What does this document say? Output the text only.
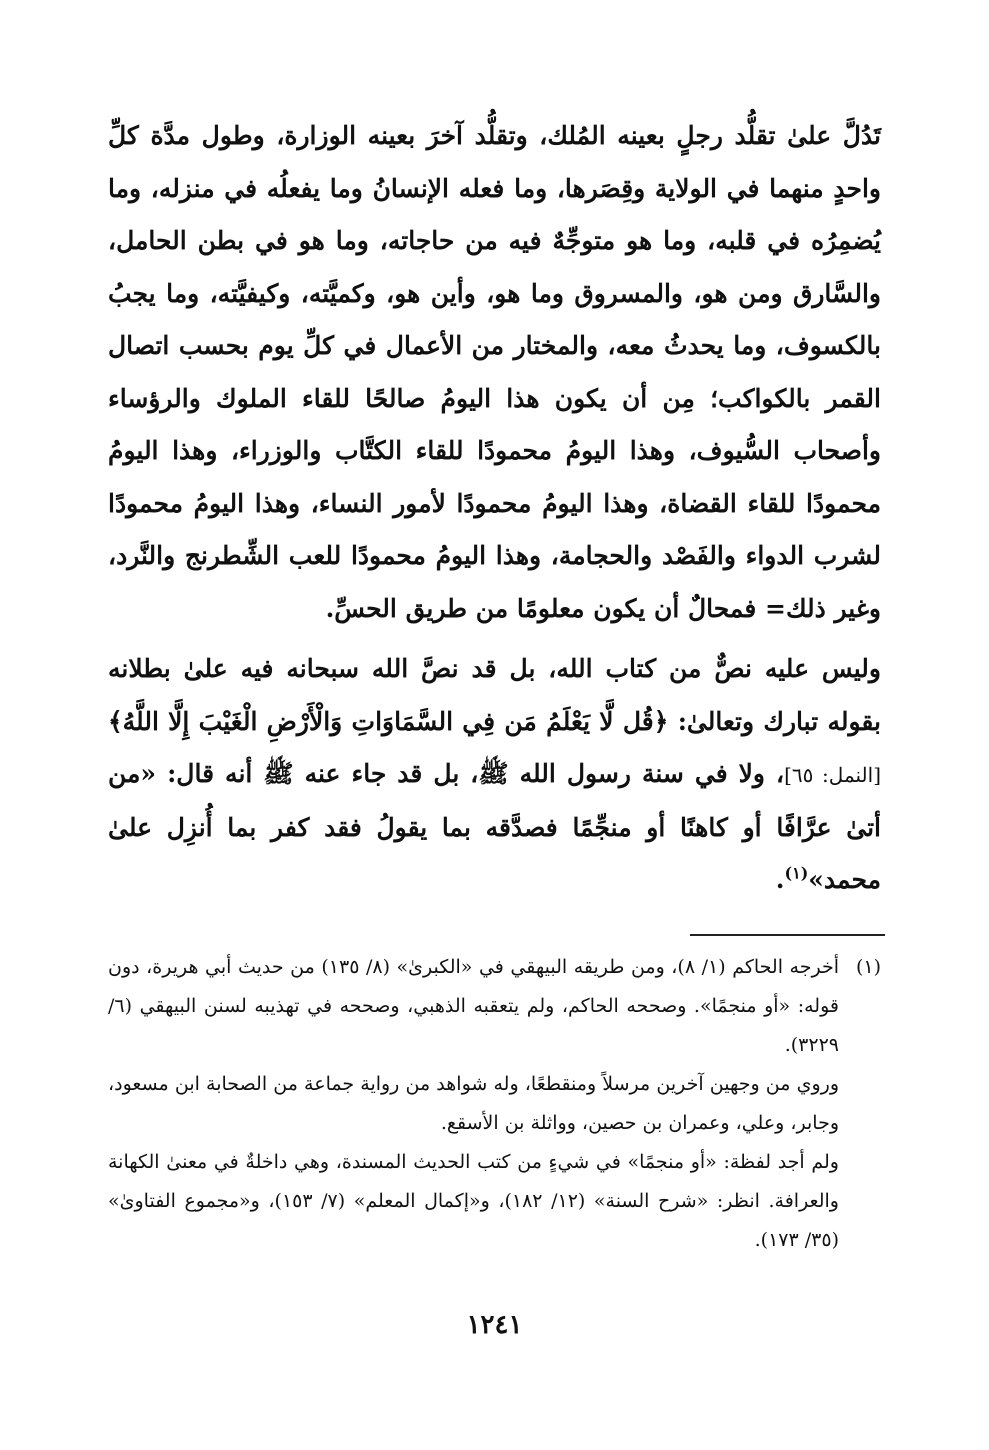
تَدُلَّ علىٰ تقلُّد رجلٍ بعينه المُلك، وتقلُّد آخرَ بعينه الوزارة، وطول مدَّة كلِّ واحدٍ منهما في الولاية وقِصَرها، وما فعله الإنسانُ وما يفعلُه في منزله، وما يُضمِرُه في قلبه، وما هو متوجِّهٌ فيه من حاجاته، وما هو في بطن الحامل، والسَّارق ومن هو، والمسروق وما هو، وأين هو، وكميَّته، وكيفيَّته، وما يجبُ بالكسوف، وما يحدثُ معه، والمختار من الأعمال في كلِّ يوم بحسب اتصال القمر بالكواكب؛ مِن أن يكون هذا اليومُ صالحًا للقاء الملوك والرؤساء وأصحاب السُّيوف، وهذا اليومُ محمودًا للقاء الكتَّاب والوزراء، وهذا اليومُ محمودًا للقاء القضاة، وهذا اليومُ محمودًا لأمور النساء، وهذا اليومُ محمودًا لشرب الدواء والفَصْد والحجامة، وهذا اليومُ محمودًا للعب الشِّطرنج والنَّرد، وغير ذلك= فمحالٌ أن يكون معلومًا من طريق الحسِّ.

وليس عليه نصٌّ من كتاب الله، بل قد نصَّ الله سبحانه فيه علىٰ بطلانه بقوله تبارك وتعالىٰ: ﴿قُل لَّا يَعْلَمُ مَن فِي السَّمَاوَاتِ وَالْأَرْضِ الْغَيْبَ إِلَّا اللَّهُ﴾ [النمل: ٦٥]، ولا في سنة رسول الله ﷺ، بل قد جاء عنه ﷺ أنه قال: «من أتىٰ عرَّافًا أو كاهنًا أو منجِّمًا فصدَّقه بما يقولُ فقد كفر بما أُنزِل علىٰ محمد»$^{(١)}$.

(١)
أخرجه الحاكم (١/ ٨)، ومن طريقه البيهقي في «الكبرىٰ» (٨/ ١٣٥) من حديث أبي هريرة، دون قوله: «أو منجمًا». وصححه الحاكم، ولم يتعقبه الذهبي، وصححه في تهذيبه لسنن البيهقي (٦/ ٣٢٢٩).

وروي من وجهين آخرين مرسلاً ومنقطعًا، وله شواهد من رواية جماعة من الصحابة ابن مسعود، وجابر، وعلي، وعمران بن حصين، وواثلة بن الأسقع.

ولم أجد لفظة: «أو منجمًا» في شيءٍ من كتب الحديث المسندة، وهي داخلةٌ في معنىٰ الكهانة والعرافة. انظر: «شرح السنة» (١٢/ ١٨٢)، و«إكمال المعلم» (٧/ ١٥٣)، و«مجموع الفتاوىٰ» (٣٥/ ١٧٣).

١٢٤١
